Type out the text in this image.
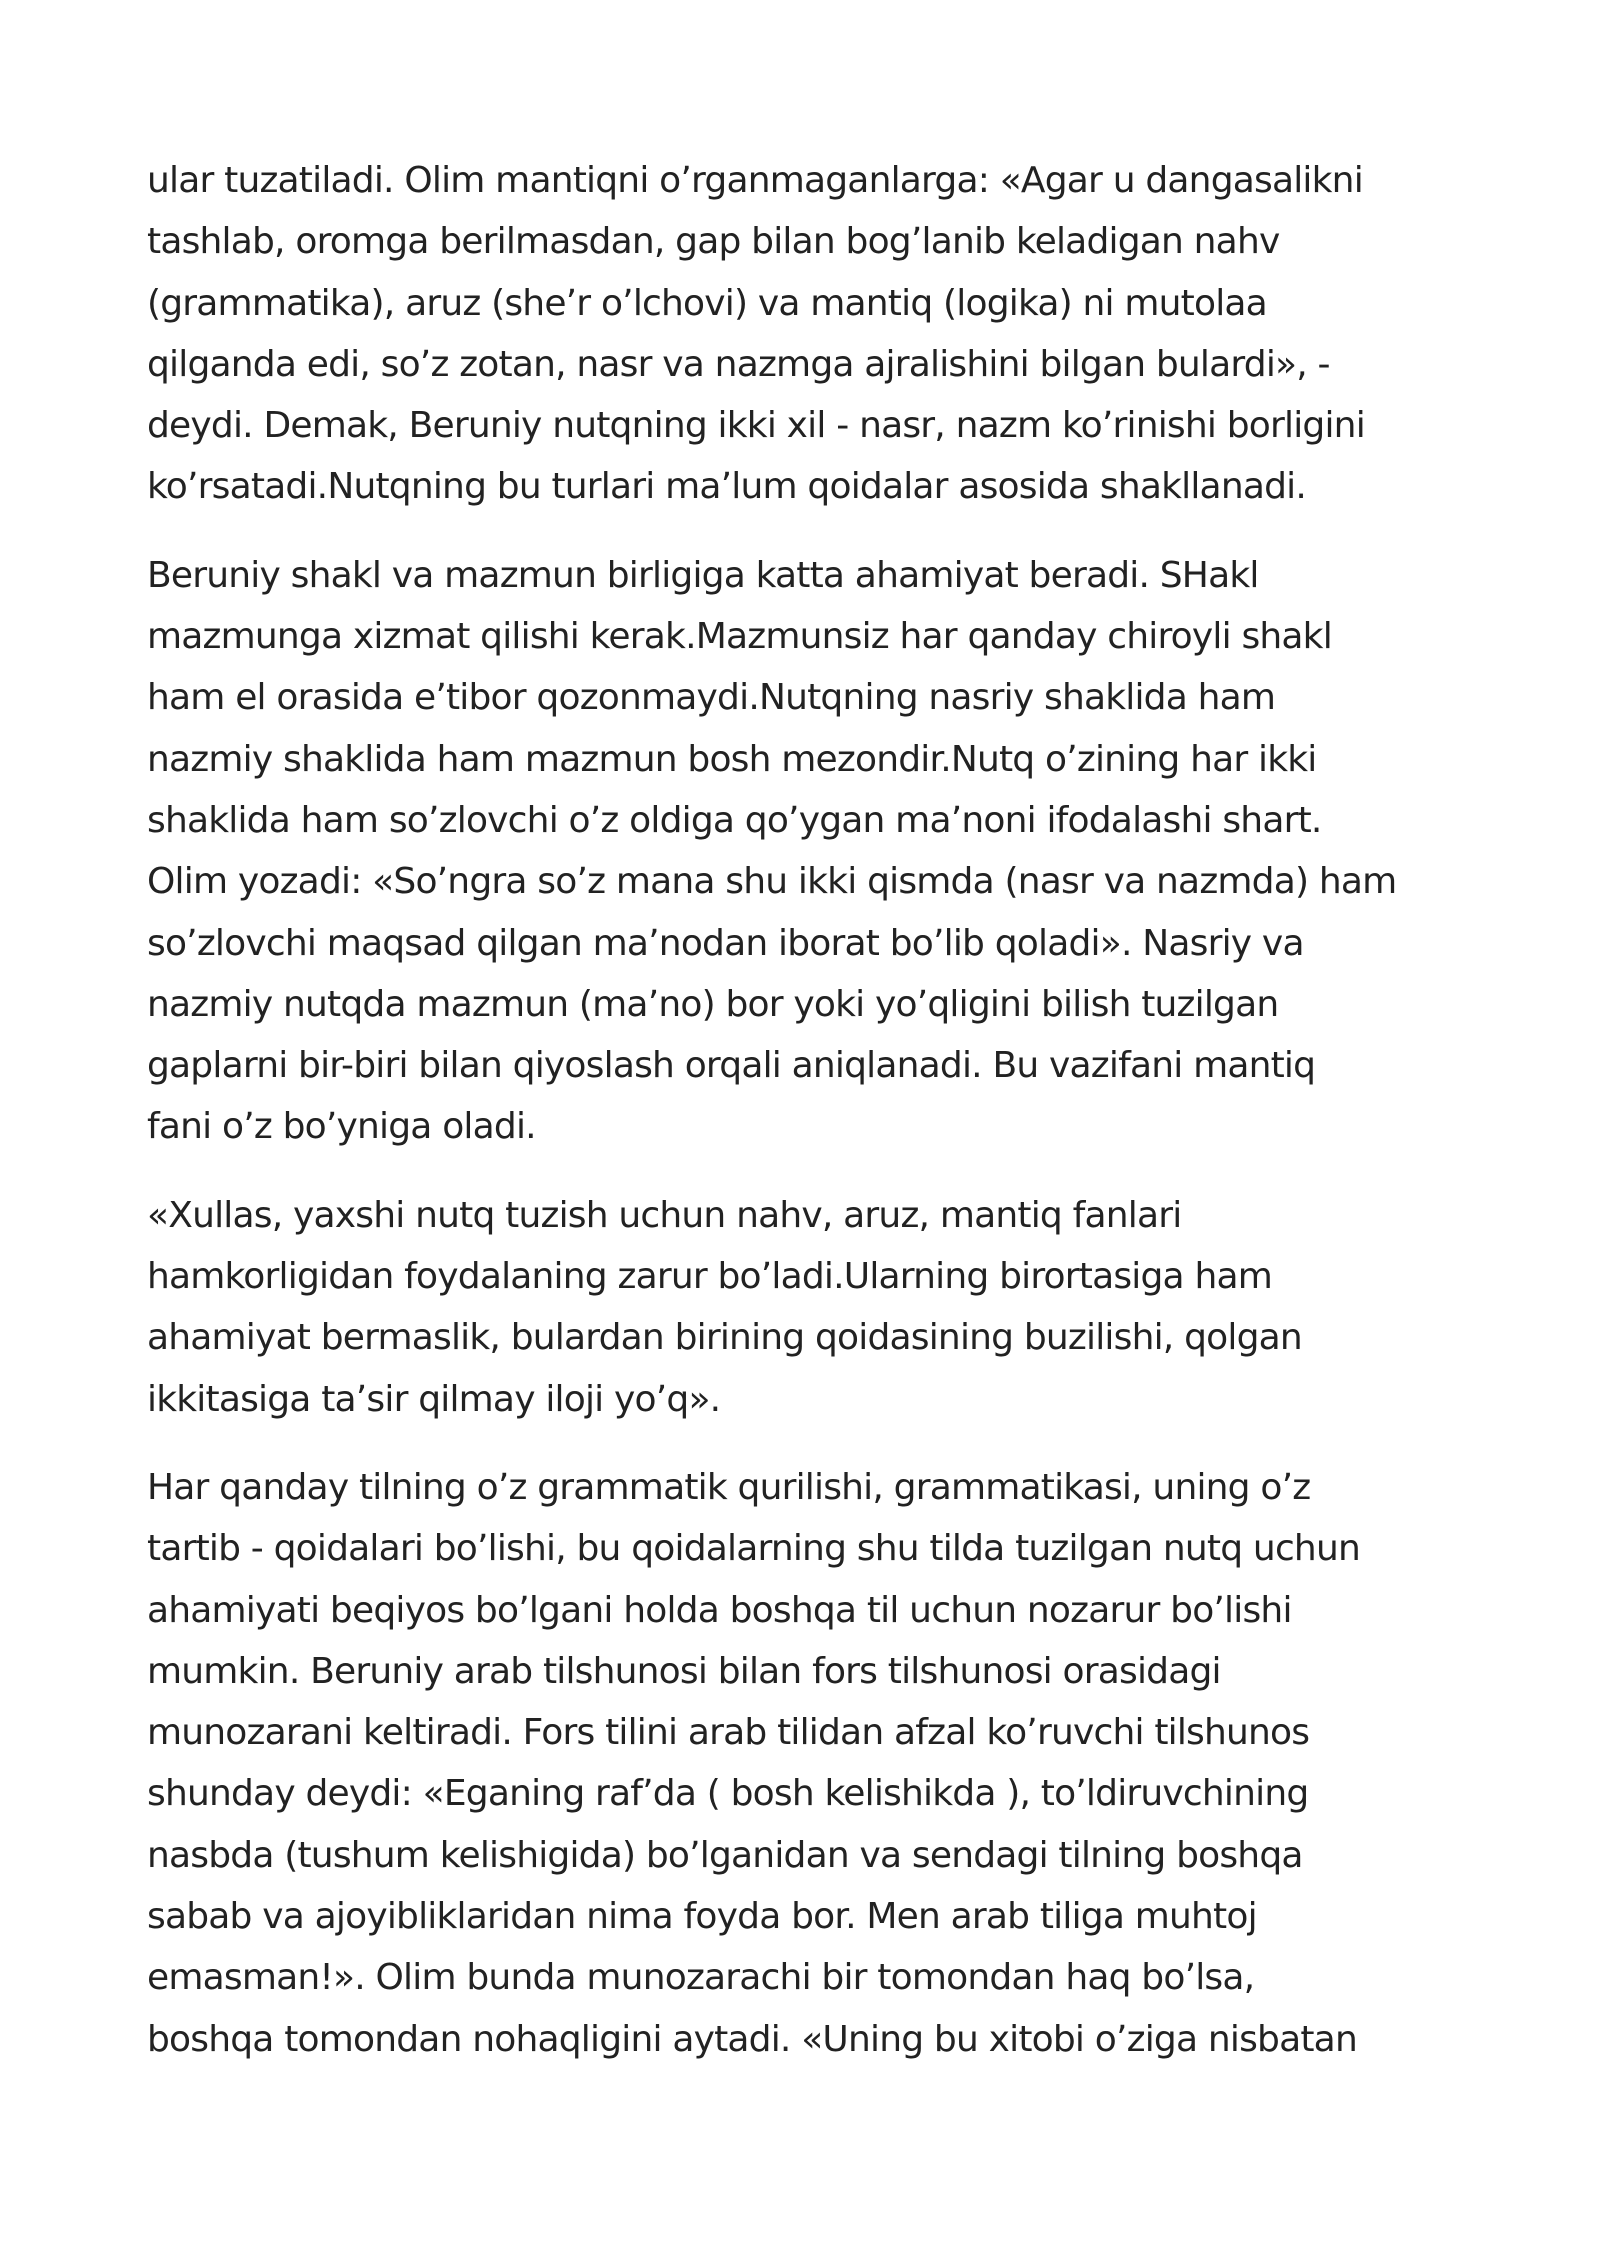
ular tuzatiladi. Olim mantiqni o’rganmaganlarga: «Agar u dangasalikni
tashlab, oromga berilmasdan, gap bilan bog’lanib keladigan nahv
(grammatika), aruz (she’r o’lchovi) va mantiq (logika) ni mutolaa
qilganda edi, so’z zotan, nasr va nazmga ajralishini bilgan bulardi», -
deydi. Demak, Beruniy nutqning ikki xil - nasr, nazm ko’rinishi borligini
ko’rsatadi.Nutqning bu turlari ma’lum qoidalar asosida shakllanadi.
Beruniy shakl va mazmun birligiga katta ahamiyat beradi. SHakl
mazmunga xizmat qilishi kerak.Mazmunsiz har qanday chiroyli shakl
ham el orasida e’tibor qozonmaydi.Nutqning nasriy shaklida ham
nazmiy shaklida ham mazmun bosh mezondir.Nutq o’zining har ikki
shaklida ham so’zlovchi o’z oldiga qo’ygan ma’noni ifodalashi shart.
Olim yozadi: «So’ngra so’z mana shu ikki qismda (nasr va nazmda) ham
so’zlovchi maqsad qilgan ma’nodan iborat bo’lib qoladi». Nasriy va
nazmiy nutqda mazmun (ma’no) bor yoki yo’qligini bilish tuzilgan
gaplarni bir-biri bilan qiyoslash orqali aniqlanadi. Bu vazifani mantiq
fani o’z bo’yniga oladi.
«Xullas, yaxshi nutq tuzish uchun nahv, aruz, mantiq fanlari
hamkorligidan foydalaning zarur bo’ladi.Ularning birortasiga ham
ahamiyat bermaslik, bulardan birining qoidasining buzilishi, qolgan
ikkitasiga ta’sir qilmay iloji yo’q».
Har qanday tilning o’z grammatik qurilishi, grammatikasi, uning o’z
tartib - qoidalari bo’lishi, bu qoidalarning shu tilda tuzilgan nutq uchun
ahamiyati beqiyos bo’lgani holda boshqa til uchun nozarur bo’lishi
mumkin. Beruniy arab tilshunosi bilan fors tilshunosi orasidagi
munozarani keltiradi. Fors tilini arab tilidan afzal ko’ruvchi tilshunos
shunday deydi: «Eganing raf’da ( bosh kelishikda ), to’ldiruvchining
nasbda (tushum kelishigida) bo’lganidan va sendagi tilning boshqa
sabab va ajoyibliklaridan nima foyda bor. Men arab tiliga muhtoj
emasman!». Olim bunda munozarachi bir tomondan haq bo’lsa,
boshqa tomondan nohaqligini aytadi. «Uning bu xitobi o’ziga nisbatan
